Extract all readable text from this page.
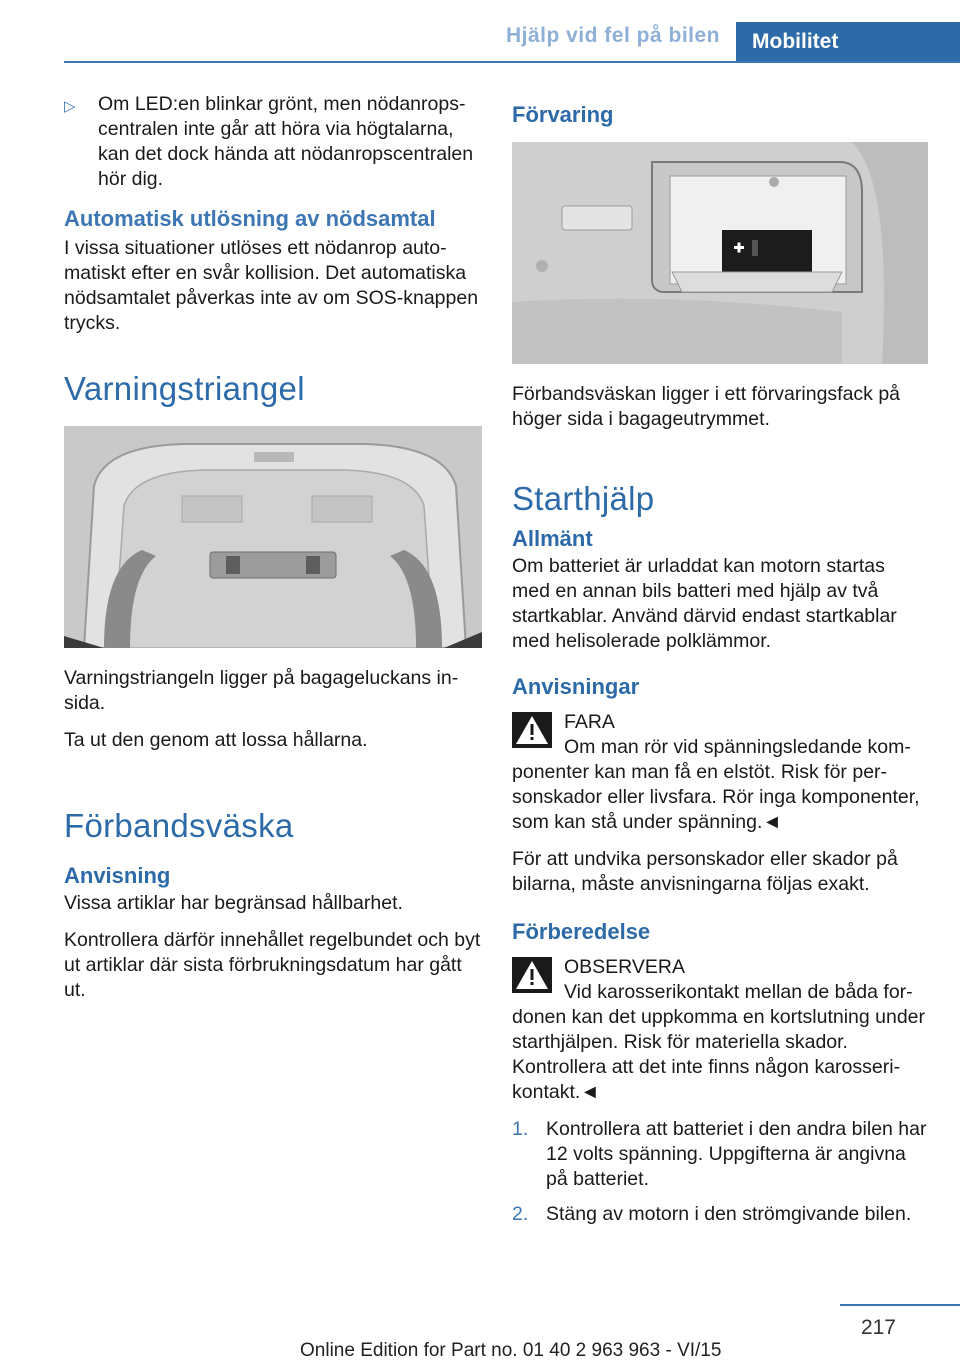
Hjälp vid fel på bilen	Mobilitet
▷	Om LED:en blinkar grönt, men nödanropscentralen inte går att höra via högtalarna, kan det dock hända att nödanropscentralen hör dig.
Automatisk utlösning av nödsamtal

I vissa situationer utlöses ett nödanrop automatiskt efter en svår kollision. Det automatiska nödsamtalet påverkas inte av om SOS-knappen trycks.

Varningstriangel

Varningstriangeln ligger på bagageluckans insida.

Ta ut den genom att lossa hållarna.

Förbandsväska
Anvisning

Vissa artiklar har begränsad hållbarhet.

Kontrollera därför innehållet regelbundet och byt ut artiklar där sista förbrukningsdatum har gått ut.

Förvaring

Förbandsväskan ligger i ett förvaringsfack på höger sida i bagageutrymmet.

Starthjälp
Allmänt

Om batteriet är urladdat kan motorn startas med en annan bils batteri med hjälp av två startkablar. Använd därvid endast startkablar med helisolerade polklämmor.

Anvisningar
FARA

Om man rör vid spänningsledande komponenter kan man få en elstöt. Risk för personskador eller livsfara. Rör inga komponenter, som kan stå under spänning.◄

För att undvika personskador eller skador på bilarna, måste anvisningarna följas exakt.

Förberedelse
OBSERVERA

Vid karosserikontakt mellan de båda fordonen kan det uppkomma en kortslutning under starthjälpen. Risk för materiella skador. Kontrollera att det inte finns någon karosserikontakt.◄

1. Kontrollera att batteriet i den andra bilen har 12 volts spänning. Uppgifterna är angivna på batteriet.
2. Stäng av motorn i den strömgivande bilen.
217
Online Edition for Part no. 01 40 2 963 963 - VI/15
